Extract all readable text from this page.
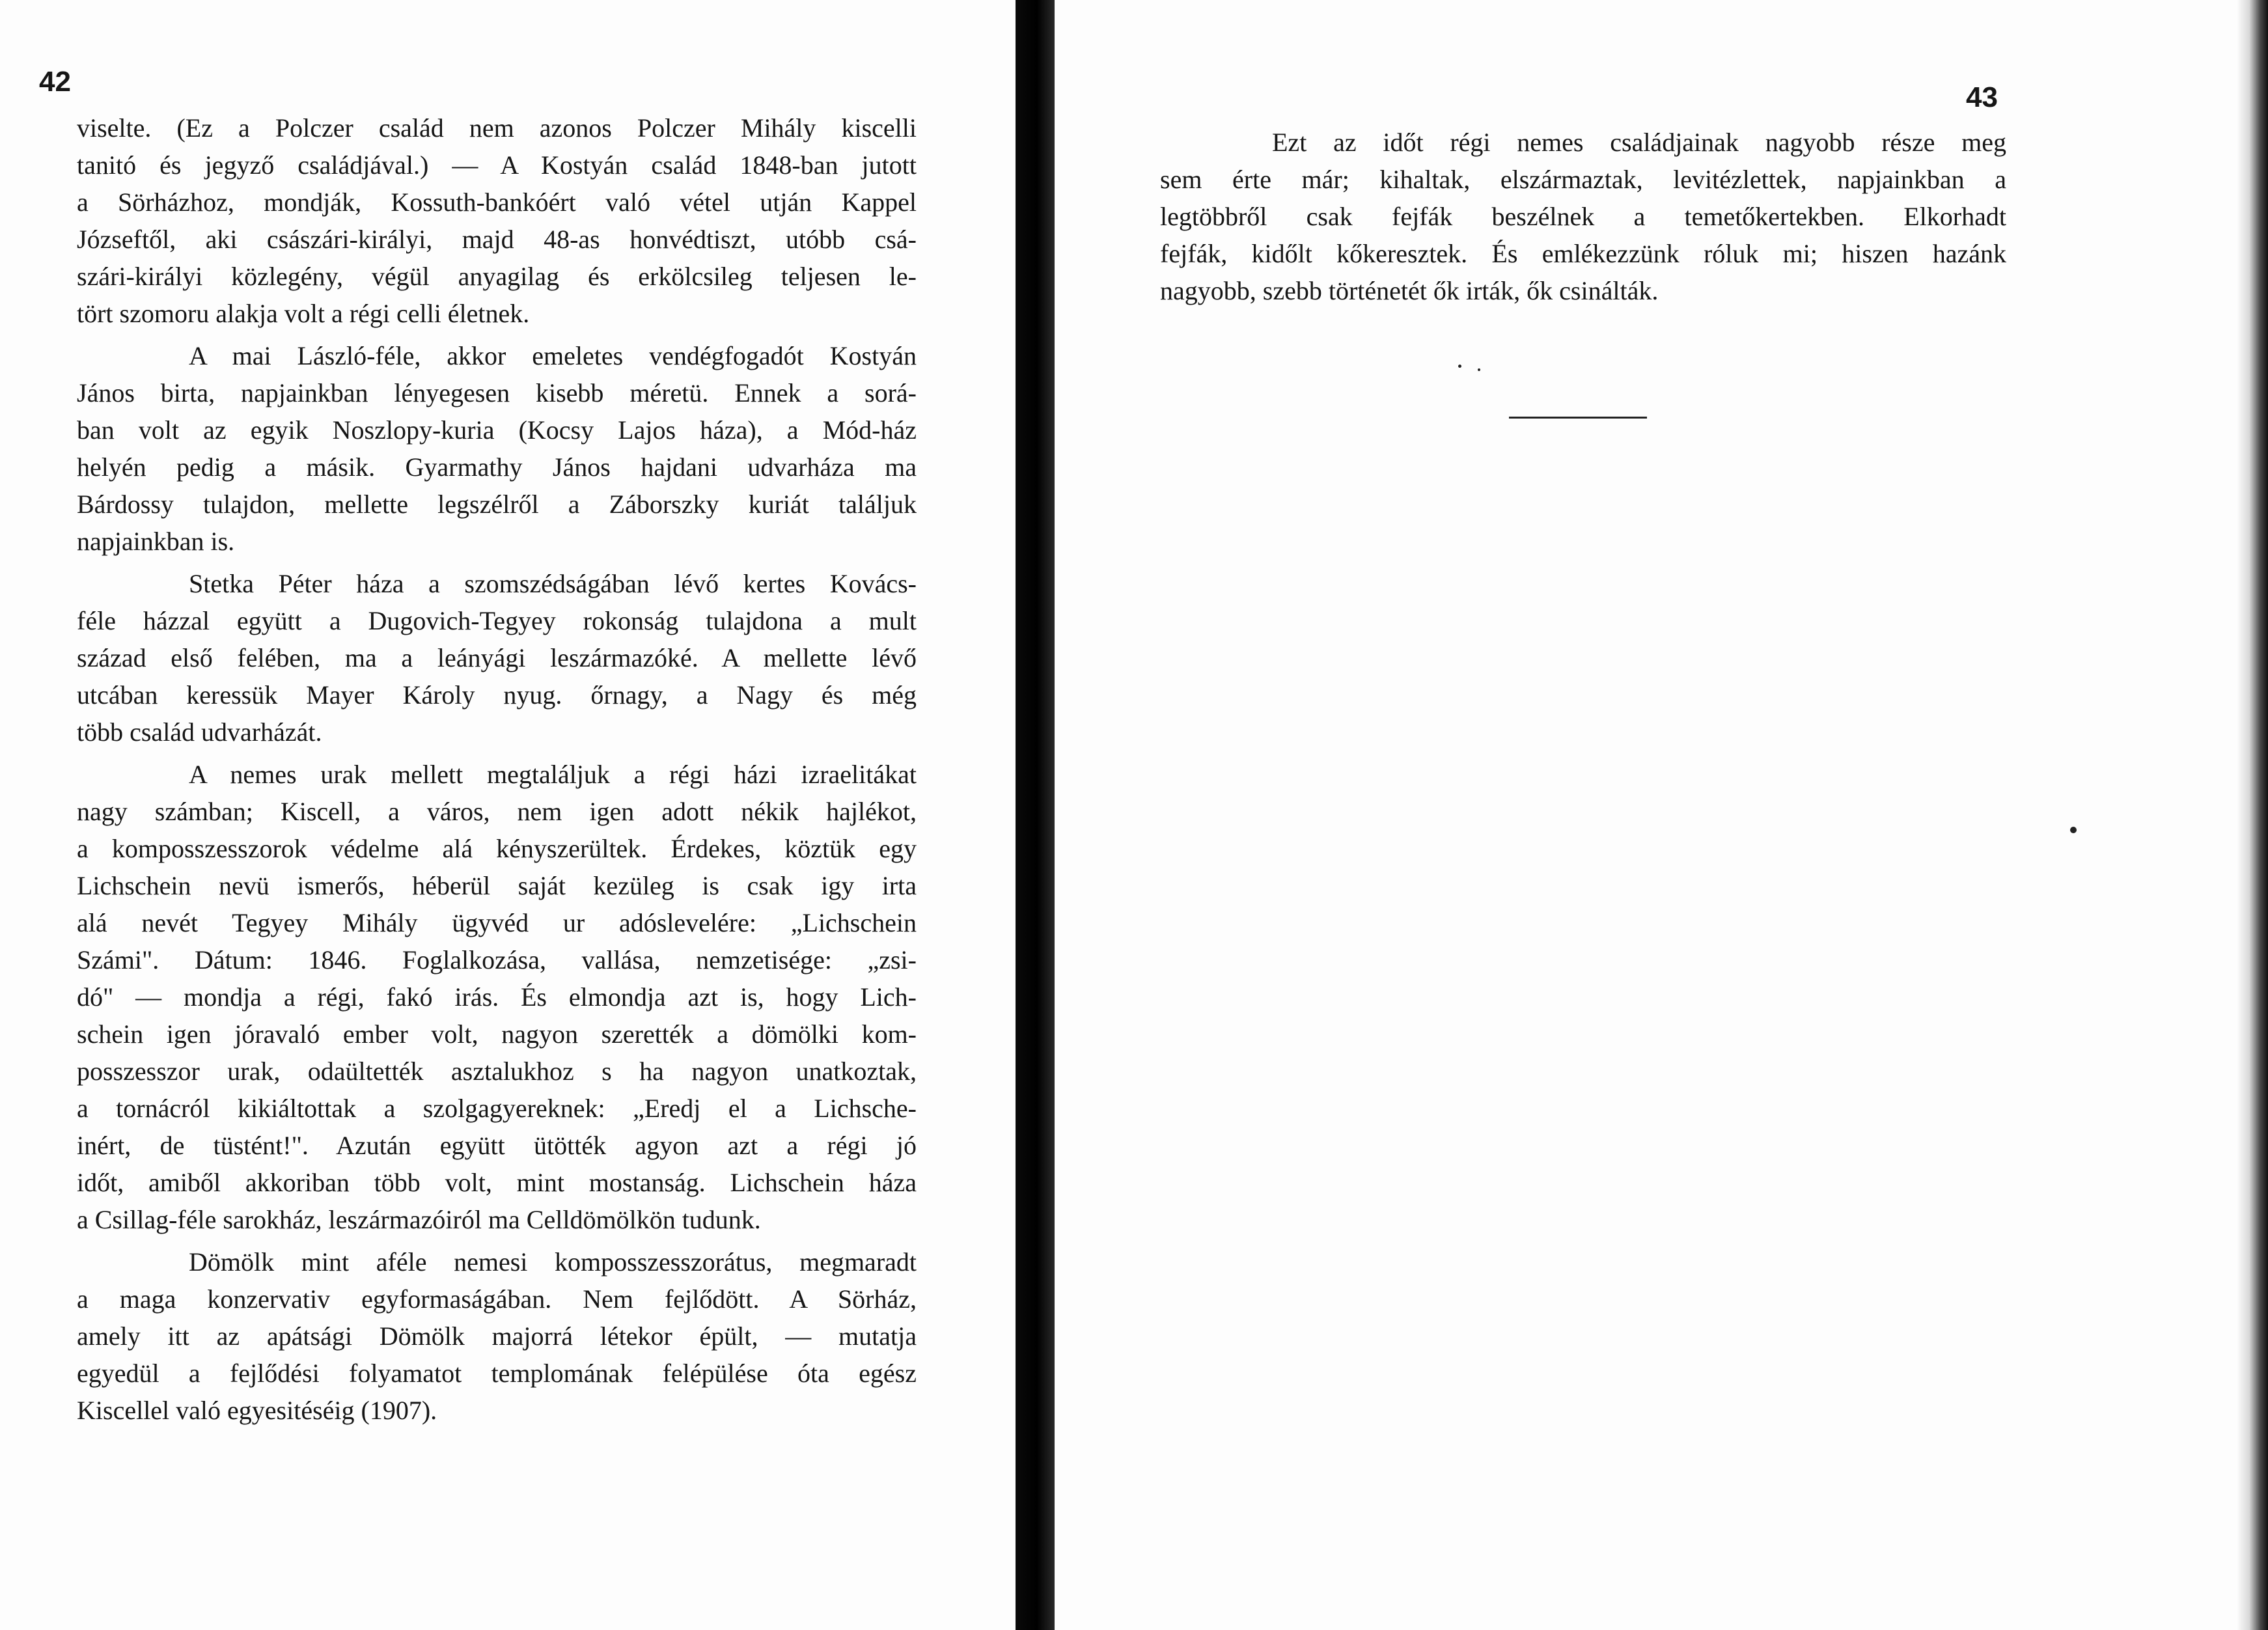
42
viselte. (Ez a Polczer család nem azonos Polczer Mihály kiscelli
tanitó és jegyző családjával.) — A Kostyán család 1848-ban jutott
a Sörházhoz, mondják, Kossuth-bankóért való vétel utján Kappel
Józseftől, aki császári-királyi, majd 48-as honvédtiszt, utóbb csá-
szári-királyi közlegény, végül anyagilag és erkölcsileg teljesen le-
tört szomoru alakja volt a régi celli életnek.
A mai László-féle, akkor emeletes vendégfogadót Kostyán
János birta, napjainkban lényegesen kisebb méretü. Ennek a sorá-
ban volt az egyik Noszlopy-kuria (Kocsy Lajos háza), a Mód-ház
helyén pedig a másik. Gyarmathy János hajdani udvarháza ma
Bárdossy tulajdon, mellette legszélről a Záborszky kuriát találjuk
napjainkban is.
Stetka Péter háza a szomszédságában lévő kertes Kovács-
féle házzal együtt a Dugovich-Tegyey rokonság tulajdona a mult
század első felében, ma a leányági leszármazóké. A mellette lévő
utcában keressük Mayer Károly nyug. őrnagy, a Nagy és még
több család udvarházát.
A nemes urak mellett megtaláljuk a régi házi izraelitákat
nagy számban; Kiscell, a város, nem igen adott nékik hajlékot,
a komposszesszorok védelme alá kényszerültek. Érdekes, köztük egy
Lichschein nevü ismerős, héberül saját kezüleg is csak igy irta
alá nevét Tegyey Mihály ügyvéd ur adóslevelére: „Lichschein
Számi". Dátum: 1846. Foglalkozása, vallása, nemzetisége: „zsi-
dó" — mondja a régi, fakó irás. És elmondja azt is, hogy Lich-
schein igen jóravaló ember volt, nagyon szerették a dömölki kom-
posszesszor urak, odaültették asztalukhoz s ha nagyon unatkoztak,
a tornácról kikiáltottak a szolgagyereknek: „Eredj el a Lichsche-
inért, de tüstént!". Azután együtt ütötték agyon azt a régi jó
időt, amiből akkoriban több volt, mint mostanság. Lichschein háza
a Csillag-féle sarokház, leszármazóiról ma Celldömölkön tudunk.
Dömölk mint aféle nemesi komposszesszorátus, megmaradt
a maga konzervativ egyformaságában. Nem fejlődött. A Sörház,
amely itt az apátsági Dömölk majorrá létekor épült, — mutatja
egyedül a fejlődési folyamatot templomának felépülése óta egész
Kiscellel való egyesitéséig (1907).
43
Ezt az időt régi nemes családjainak nagyobb része meg
sem érte már; kihaltak, elszármaztak, levitézlettek, napjainkban a
legtöbbről csak fejfák beszélnek a temetőkertekben. Elkorhadt
fejfák, kidőlt kőkeresztek. És emlékezzünk róluk mi; hiszen hazánk
nagyobb, szebb történetét ők irták, ők csinálták.
